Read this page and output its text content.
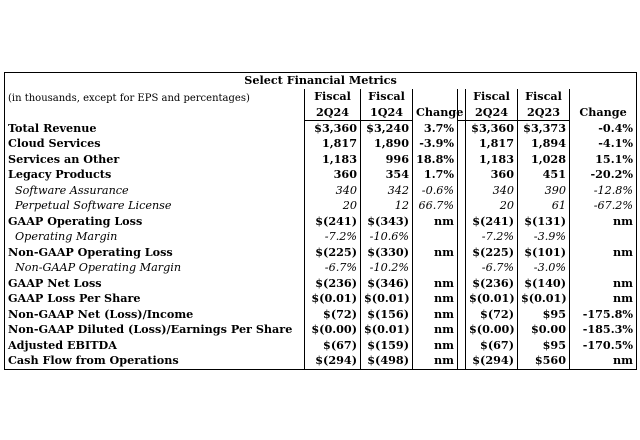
Select Financial Metrics							
(in thousands, except for EPS and percentages)	Fiscal	Fiscal	Change		Fiscal	Fiscal	Change
	2Q24	1Q24			2Q24	2Q23	
Total Revenue	$3,360	$3,240	3.7%		$3,360	$3,373	-0.4%
Cloud Services	1,817	1,890	-3.9%		1,817	1,894	-4.1%
Services an Other	1,183	996	18.8%		1,183	1,028	15.1%
Legacy Products	360	354	1.7%		360	451	-20.2%
Software Assurance	340	342	-0.6%		340	390	-12.8%
Perpetual Software License	20	12	66.7%		20	61	-67.2%
GAAP Operating Loss	$(241)	$(343)	nm		$(241)	$(131)	nm
Operating Margin	-7.2%	-10.6%			-7.2%	-3.9%	
Non-GAAP Operating Loss	$(225)	$(330)	nm		$(225)	$(101)	nm
Non-GAAP Operating Margin	-6.7%	-10.2%			-6.7%	-3.0%	
GAAP Net Loss	$(236)	$(346)	nm		$(236)	$(140)	nm
GAAP Loss Per Share	$(0.01)	$(0.01)	nm		$(0.01)	$(0.01)	nm
Non-GAAP Net (Loss)/Income	$(72)	$(156)	nm		$(72)	$95	-175.8%
Non-GAAP Diluted (Loss)/Earnings Per Share	$(0.00)	$(0.01)	nm		$(0.00)	$0.00	-185.3%
Adjusted EBITDA	$(67)	$(159)	nm		$(67)	$95	-170.5%
Cash Flow from Operations	$(294)	$(498)	nm		$(294)	$560	nm
